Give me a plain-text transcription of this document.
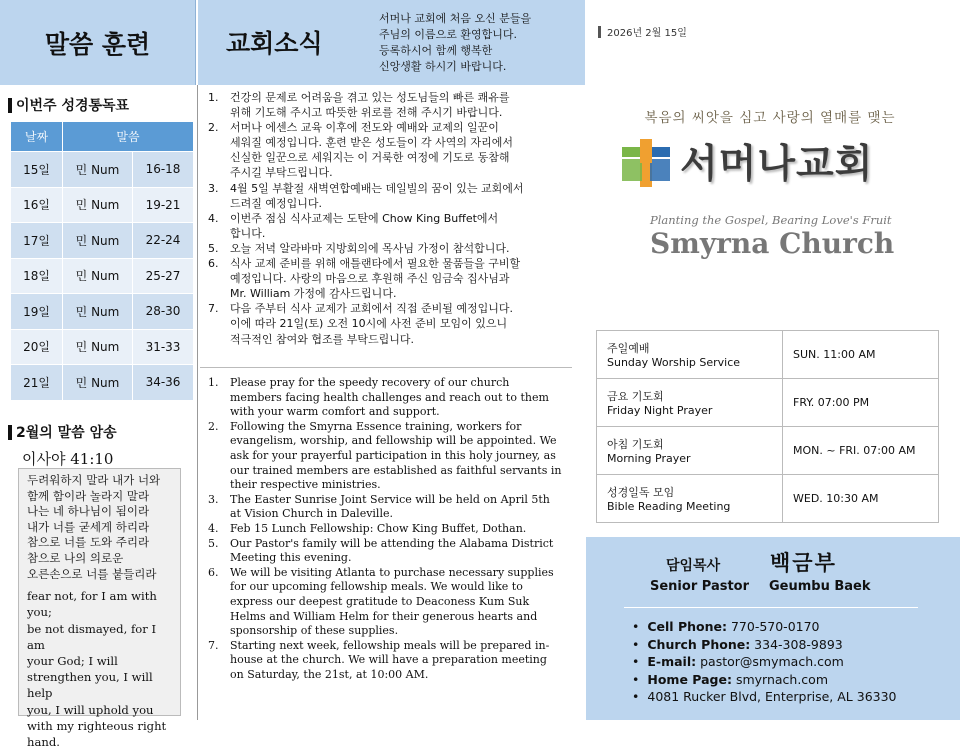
말씀 훈련
이번주 성경통독표
날짜	말씀	
15일	민 Num	16-18
16일	민 Num	19-21
17일	민 Num	22-24
18일	민 Num	25-27
19일	민 Num	28-30
20일	민 Num	31-33
21일	민 Num	34-36
2월의 말씀 암송
이사야 41:10
두려워하지 말라 내가 너와
함께 함이라 놀라지 말라
나는 네 하나님이 됨이라
내가 너를 굳세게 하리라
참으로 너를 도와 주리라
참으로 나의 의로운
오른손으로 너를 붙들리라
fear not, for I am with you;
be not dismayed, for I am
your God; I will
strengthen you, I will help
you, I will uphold you
with my righteous right
hand.
교회소식
서머나 교회에 처음 오신 분들을
주님의 이름으로 환영합니다.
등록하시어 함께 행복한
신앙생활 하시기 바랍니다.
1.	건강의 문제로 어려움을 겪고 있는 성도님들의 빠른 쾌유를
위해 기도해 주시고 따뜻한 위로를 전해 주시기 바랍니다.
2.	서머나 에센스 교육 이후에 전도와 예배와 교제의 일꾼이
세워질 예정입니다. 훈련 받은 성도들이 각 사역의 자리에서
신실한 일꾼으로 세워지는 이 거룩한 여정에 기도로 동참해
주시길 부탁드립니다.
3.	4월 5일 부활절 새벽연합예배는 데일빌의 꿈이 있는 교회에서
드려질 예정입니다.
4.	이번주 점심 식사교제는 도탄에 Chow King Buffet에서
합니다.
5.	오늘 저녁 알라바마 지방회의에 목사님 가정이 참석합니다.
6.	식사 교제 준비를 위해 애틀랜타에서 필요한 물품들을 구비할
예정입니다. 사랑의 마음으로 후원해 주신 임금숙 집사님과
Mr. William 가정에 감사드립니다.
7.	다음 주부터 식사 교제가 교회에서 직접 준비될 예정입니다.
이에 따라 21일(토) 오전 10시에 사전 준비 모임이 있으니
적극적인 참여와 협조를 부탁드립니다.
1.	Please pray for the speedy recovery of our church
members facing health challenges and reach out to them
with your warm comfort and support.
2.	Following the Smyrna Essence training, workers for
evangelism, worship, and fellowship will be appointed. We
ask for your prayerful participation in this holy journey, as
our trained members are established as faithful servants in
their respective ministries.
3.	The Easter Sunrise Joint Service will be held on April 5th
at Vision Church in Daleville.
4.	Feb 15 Lunch Fellowship: Chow King Buffet, Dothan.
5.	Our Pastor's family will be attending the Alabama District
Meeting this evening.
6.	We will be visiting Atlanta to purchase necessary supplies
for our upcoming fellowship meals. We would like to
express our deepest gratitude to Deaconess Kum Suk
Helms and William Helm for their generous hearts and
sponsorship of these supplies.
7.	Starting next week, fellowship meals will be prepared in-
house at the church. We will have a preparation meeting
on Saturday, the 21st, at 10:00 AM.
2026년 2월 15일
복음의 씨앗을 심고 사랑의 열매를 맺는
서머나교회
Planting the Gospel, Bearing Love's Fruit
Smyrna Church
주일예배
Sunday Worship Service	SUN. 11:00 AM

금요 기도회
Friday Night Prayer	FRY. 07:00 PM

아침 기도회
Morning Prayer	MON. ~ FRI. 07:00 AM

성경일독 모임
Bible Reading Meeting	WED. 10:30 AM
담임목사 백금부
Senior Pastor Geumbu Baek
• Cell Phone: 770-570-0170
• Church Phone: 334-308-9893
• E-mail: pastor@smymach.com
• Home Page: smyrnach.com
• 4081 Rucker Blvd, Enterprise, AL 36330
